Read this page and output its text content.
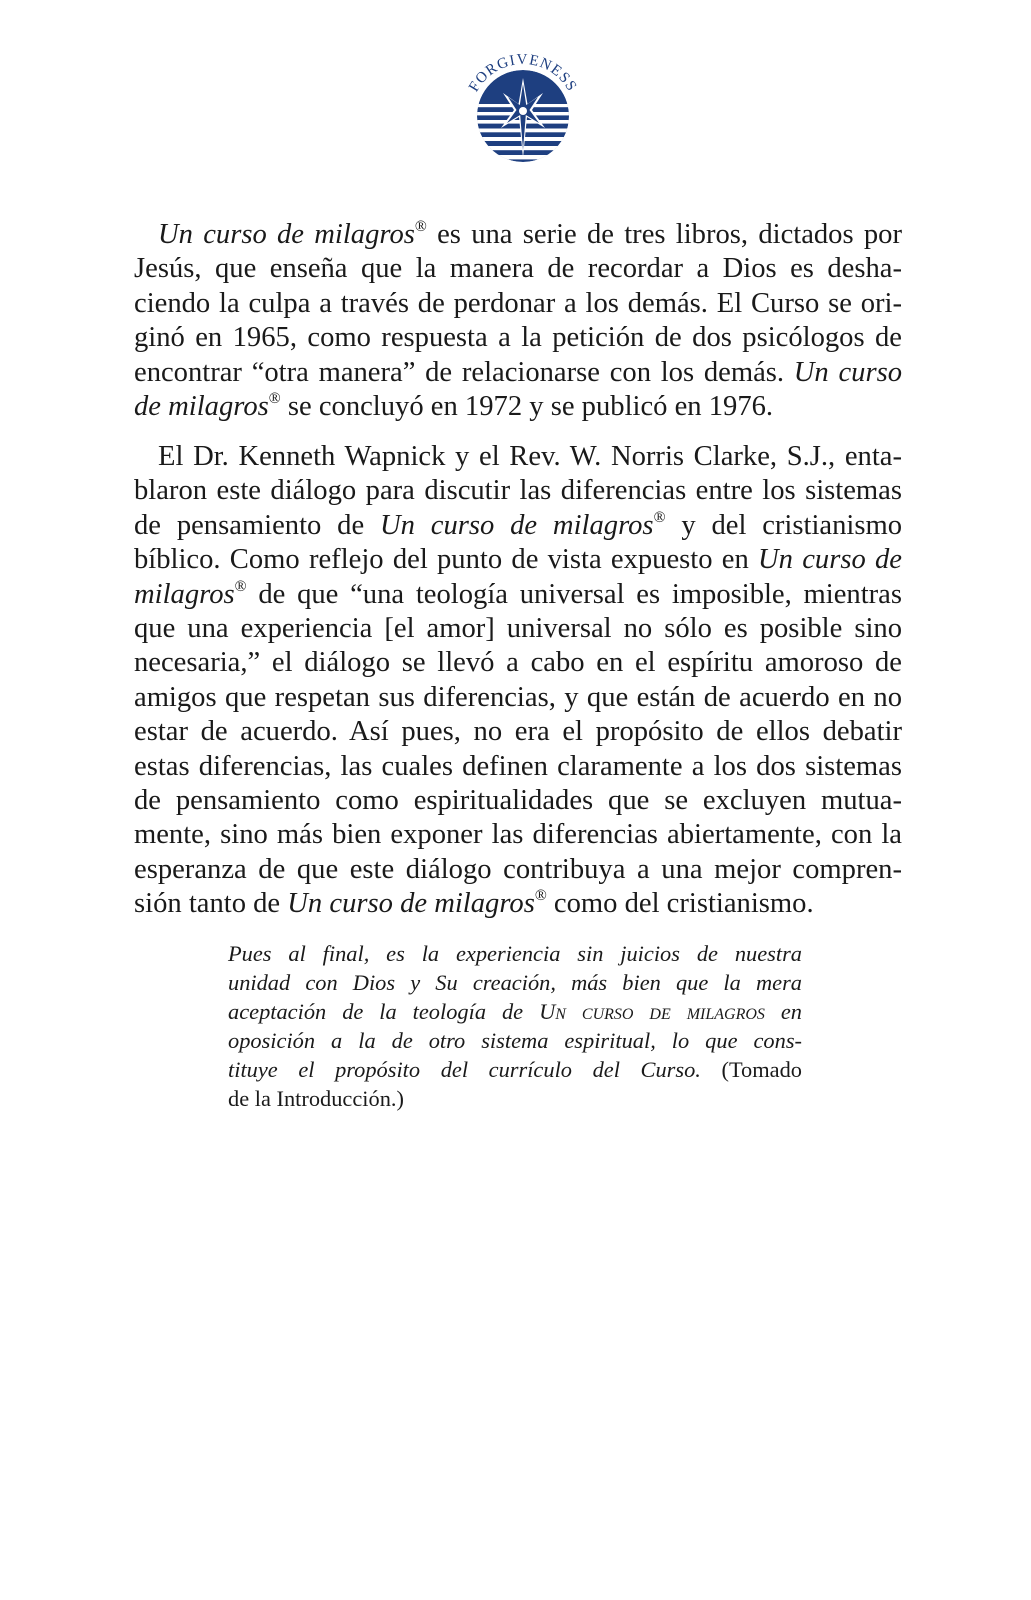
FORGIVENESS
Un curso de milagros® es una serie de tres libros, dictados por
Jesús, que enseña que la manera de recordar a Dios es desha-
ciendo la culpa a través de perdonar a los demás. El Curso se ori-
ginó en 1965, como respuesta a la petición de dos psicólogos de
encontrar “otra manera” de relacionarse con los demás. Un curso
de milagros® se concluyó en 1972 y se publicó en 1976.
El Dr. Kenneth Wapnick y el Rev. W. Norris Clarke, S.J., enta-
blaron este diálogo para discutir las diferencias entre los sistemas
de pensamiento de Un curso de milagros® y del cristianismo
bíblico. Como reflejo del punto de vista expuesto en Un curso de
milagros® de que “una teología universal es imposible, mientras
que una experiencia [el amor] universal no sólo es posible sino
necesaria,” el diálogo se llevó a cabo en el espíritu amoroso de
amigos que respetan sus diferencias, y que están de acuerdo en no
estar de acuerdo. Así pues, no era el propósito de ellos debatir
estas diferencias, las cuales definen claramente a los dos sistemas
de pensamiento como espiritualidades que se excluyen mutua-
mente, sino más bien exponer las diferencias abiertamente, con la
esperanza de que este diálogo contribuya a una mejor compren-
sión tanto de Un curso de milagros® como del cristianismo.
Pues al final, es la experiencia sin juicios de nuestra
unidad con Dios y Su creación, más bien que la mera
aceptación de la teología de Un curso de milagros en
oposición a la de otro sistema espiritual, lo que cons-
tituye el propósito del currículo del Curso. (Tomado
de la Introducción.)
